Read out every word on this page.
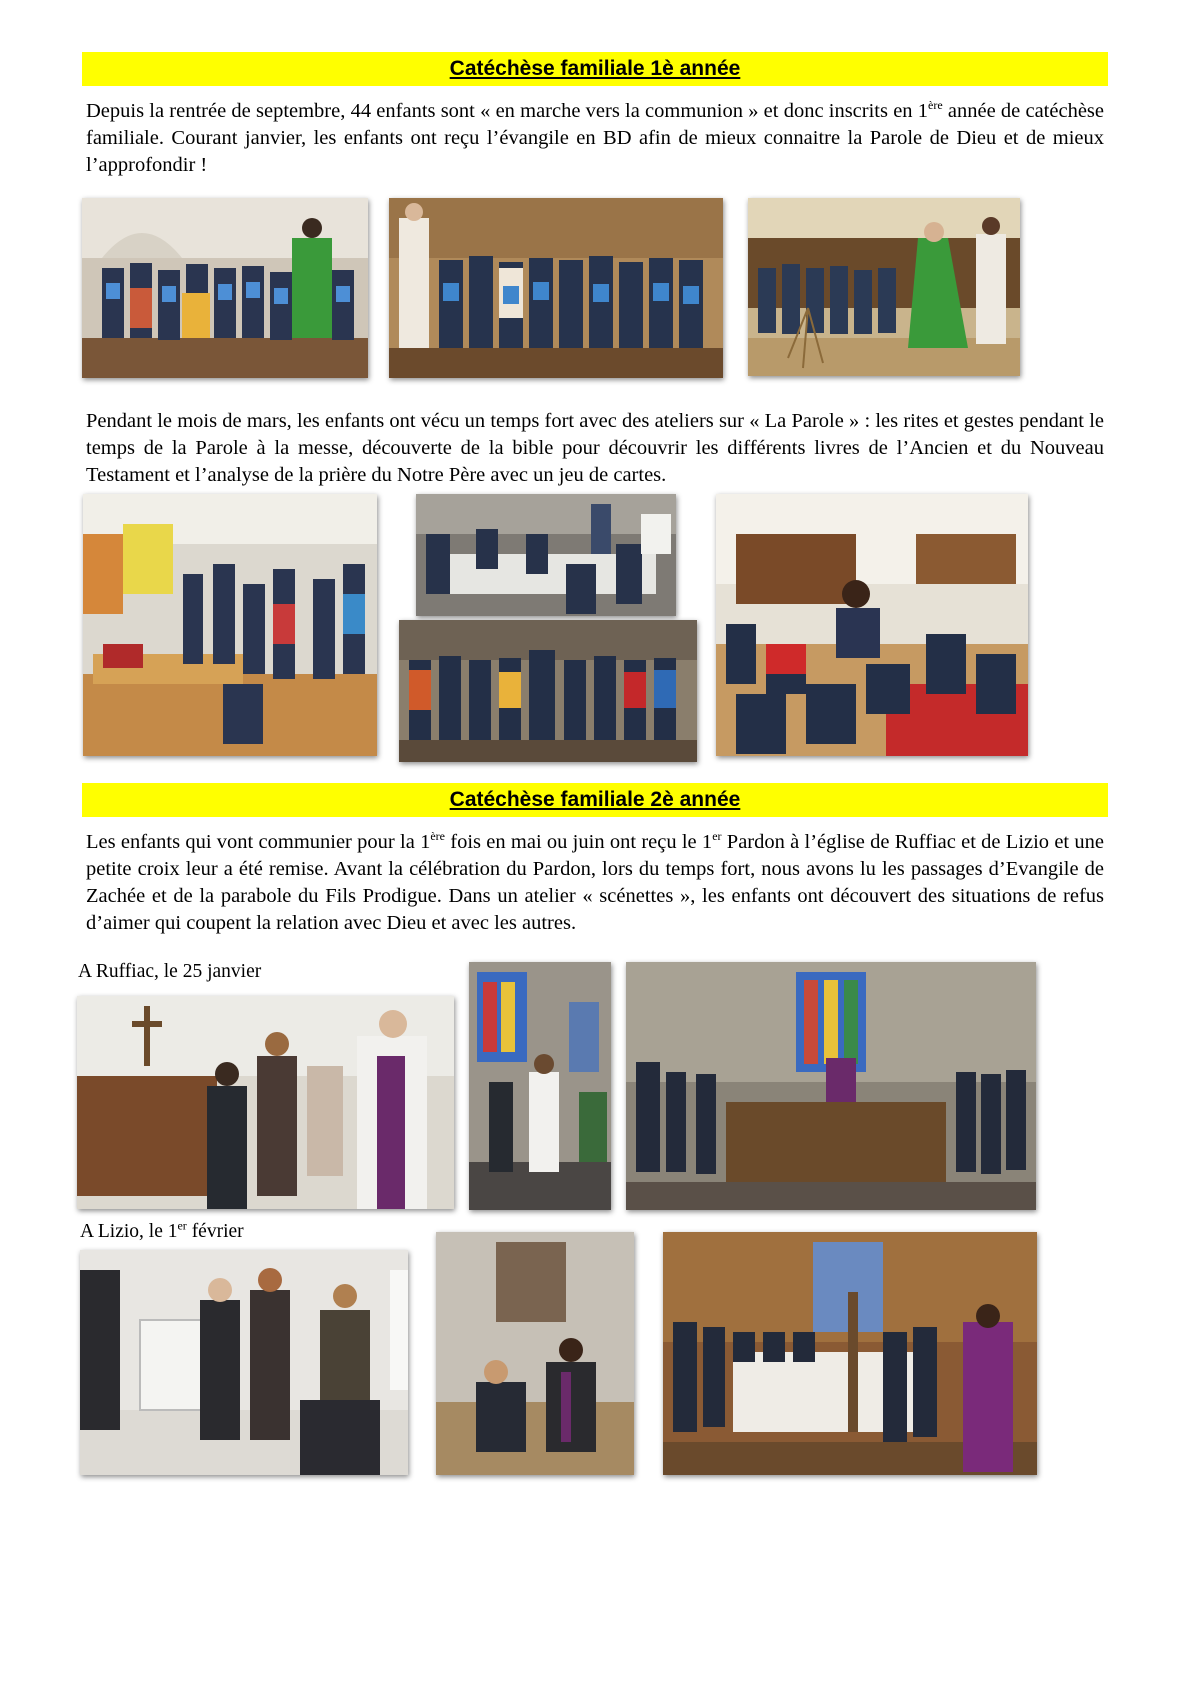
Catéchèse familiale 1è année

Depuis la rentrée de septembre, 44 enfants sont « en marche vers la communion » et donc inscrits en 1ère année de catéchèse familiale. Courant janvier, les enfants ont reçu l’évangile en BD afin de mieux connaitre la Parole de Dieu et de mieux l’approfondir !

Pendant le mois de mars, les enfants ont vécu un temps fort avec des ateliers sur « La Parole » : les rites et gestes pendant le temps de la Parole à la messe, découverte de la bible pour découvrir les différents livres de l’Ancien et du Nouveau Testament et l’analyse de la prière du Notre Père avec un jeu de cartes.

Catéchèse familiale 2è année

Les enfants qui vont communier pour la 1ère fois en mai ou juin ont reçu le 1er Pardon à l’église de Ruffiac et de Lizio et une petite croix leur a été remise. Avant la célébration du Pardon, lors du temps fort, nous avons lu les passages d’Evangile de Zachée et de la parabole du Fils Prodigue. Dans un atelier « scénettes », les enfants ont découvert des situations de refus d’aimer qui coupent la relation avec Dieu et avec les autres.

A Ruffiac, le 25 janvier
A Lizio, le 1er février
